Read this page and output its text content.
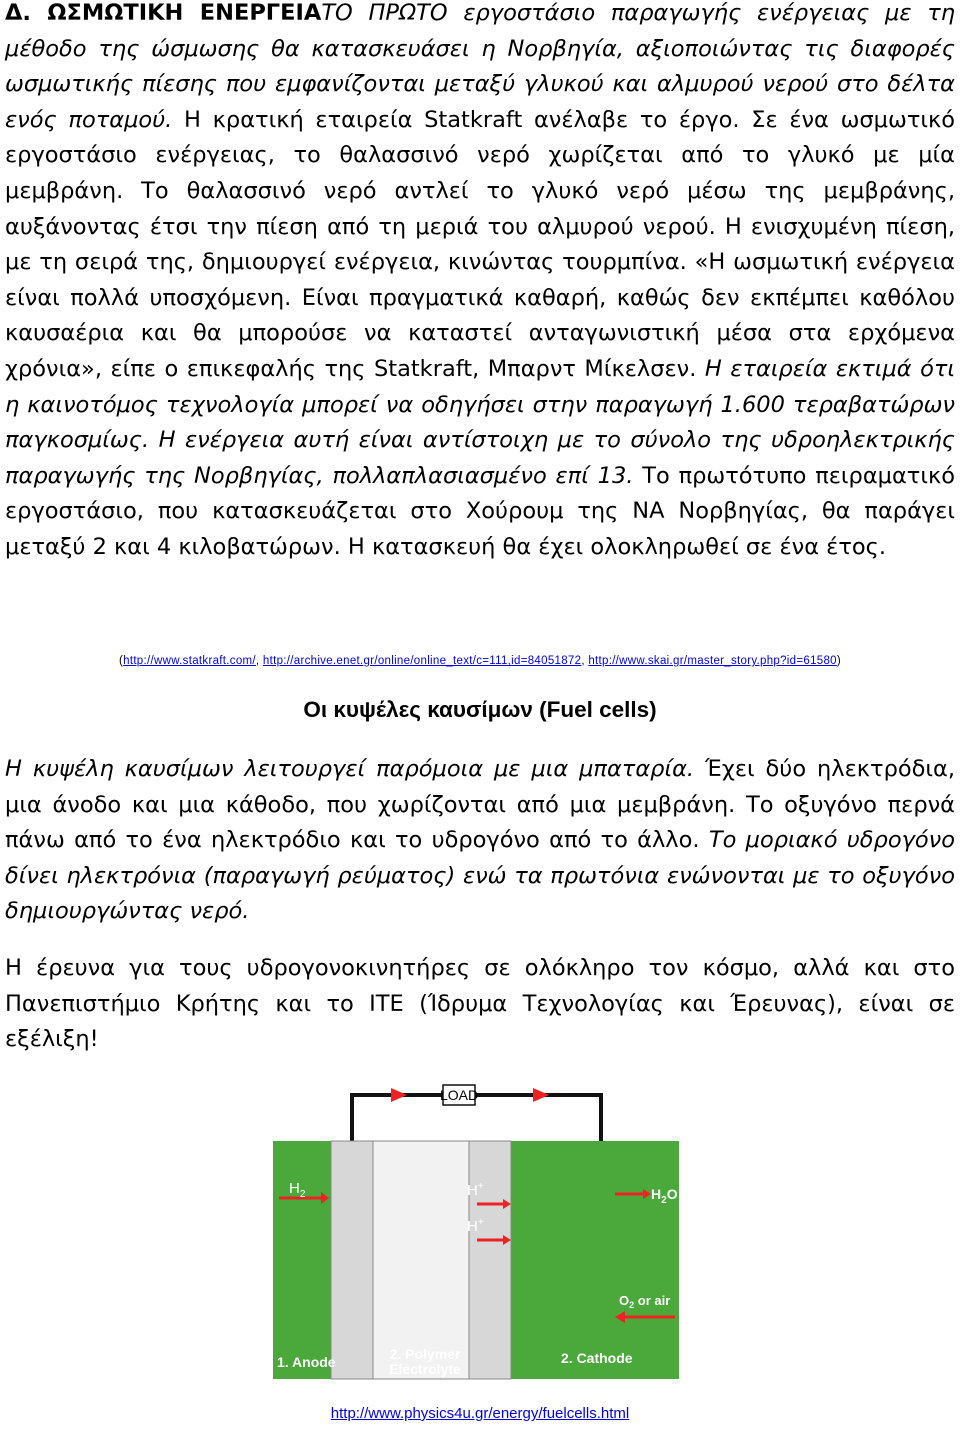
Δ. ΩΣΜΩΤΙΚΗ ΕΝΕΡΓΕΙΑΤΟ ΠΡΩΤΟ εργοστάσιο παραγωγής ενέργειας με τη μέθοδο της ώσμωσης θα κατασκευάσει η Νορβηγία, αξιοποιώντας τις διαφορές ωσμωτικής πίεσης που εμφανίζονται μεταξύ γλυκού και αλμυρού νερού στο δέλτα ενός ποταμού. Η κρατική εταιρεία Statkraft ανέλαβε το έργο. Σε ένα ωσμωτικό εργοστάσιο ενέργειας, το θαλασσινό νερό χωρίζεται από το γλυκό με μία μεμβράνη. Το θαλασσινό νερό αντλεί το γλυκό νερό μέσω της μεμβράνης, αυξάνοντας έτσι την πίεση από τη μεριά του αλμυρού νερού. Η ενισχυμένη πίεση, με τη σειρά της, δημιουργεί ενέργεια, κινώντας τουρμπίνα. «Η ωσμωτική ενέργεια είναι πολλά υποσχόμενη. Είναι πραγματικά καθαρή, καθώς δεν εκπέμπει καθόλου καυσαέρια και θα μπορούσε να καταστεί ανταγωνιστική μέσα στα ερχόμενα χρόνια», είπε ο επικεφαλής της Statkraft, Μπαρντ Μίκελσεν. Η εταιρεία εκτιμά ότι η καινοτόμος τεχνολογία μπορεί να οδηγήσει στην παραγωγή 1.600 τεραβατώρων παγκοσμίως. Η ενέργεια αυτή είναι αντίστοιχη με το σύνολο της υδροηλεκτρικής παραγωγής της Νορβηγίας, πολλαπλασιασμένο επί 13. Το πρωτότυπο πειραματικό εργοστάσιο, που κατασκευάζεται στο Χούρουμ της ΝΑ Νορβηγίας, θα παράγει μεταξύ 2 και 4 κιλοβατώρων. Η κατασκευή θα έχει ολοκληρωθεί σε ένα έτος.

(http://www.statkraft.com/, http://archive.enet.gr/online/online_text/c=111,id=84051872, http://www.skai.gr/master_story.php?id=61580)
Οι κυψέλες καυσίμων (Fuel cells)

Η κυψέλη καυσίμων λειτουργεί παρόμοια με μια μπαταρία. Έχει δύο ηλεκτρόδια, μια άνοδο και μια κάθοδο, που χωρίζονται από μια μεμβράνη. Το οξυγόνο περνά πάνω από το ένα ηλεκτρόδιο και το υδρογόνο από το άλλο. Το μοριακό υδρογόνο δίνει ηλεκτρόνια (παραγωγή ρεύματος) ενώ τα πρωτόνια ενώνονται με το οξυγόνο δημιουργώντας νερό.

Η έρευνα για τους υδρογονοκινητήρες σε ολόκληρο τον κόσμο, αλλά και στο Πανεπιστήμιο Κρήτης και το ΙΤΕ (Ίδρυμα Τεχνολογίας και Έρευνας), είναι σε εξέλιξη!

LOAD
$H_2$	H+
H+
$H_2O$
$O_2$ or air
1. Anode	2. Polymer
Electrolyte
2. Cathode
http://www.physics4u.gr/energy/fuelcells.html
